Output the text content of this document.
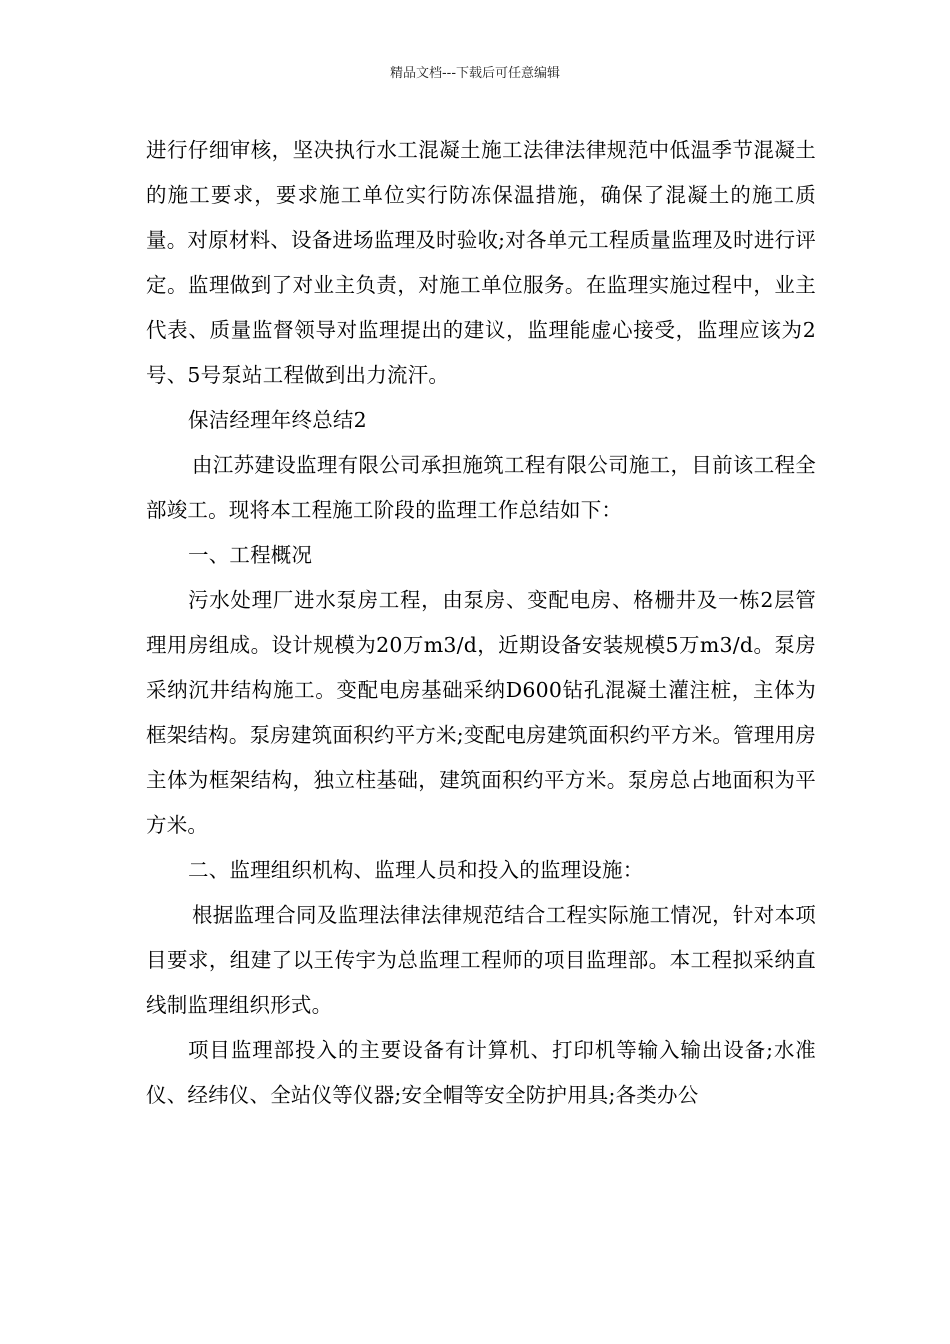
精品文档---下载后可任意编辑

进行仔细审核，坚决执行水工混凝土施工法律法律规范中低温季节混凝土的施工要求，要求施工单位实行防冻保温措施，确保了混凝土的施工质量。对原材料、设备进场监理及时验收;对各单元工程质量监理及时进行评定。监理做到了对业主负责，对施工单位服务。在监理实施过程中，业主代表、质量监督领导对监理提出的建议，监理能虚心接受，监理应该为2号、5号泵站工程做到出力流汗。

保洁经理年终总结2

由江苏建设监理有限公司承担施筑工程有限公司施工，目前该工程全部竣工。现将本工程施工阶段的监理工作总结如下：

一、工程概况

污水处理厂进水泵房工程，由泵房、变配电房、格栅井及一栋2层管理用房组成。设计规模为20万m3/d，近期设备安装规模5万m3/d。泵房采纳沉井结构施工。变配电房基础采纳D600钻孔混凝土灌注桩，主体为框架结构。泵房建筑面积约平方米;变配电房建筑面积约平方米。管理用房主体为框架结构，独立柱基础，建筑面积约平方米。泵房总占地面积为平方米。

二、监理组织机构、监理人员和投入的监理设施：

根据监理合同及监理法律法律规范结合工程实际施工情况，针对本项目要求，组建了以王传宇为总监理工程师的项目监理部。本工程拟采纳直线制监理组织形式。

项目监理部投入的主要设备有计算机、打印机等输入输出设备;水准仪、经纬仪、全站仪等仪器;安全帽等安全防护用具;各类办公
